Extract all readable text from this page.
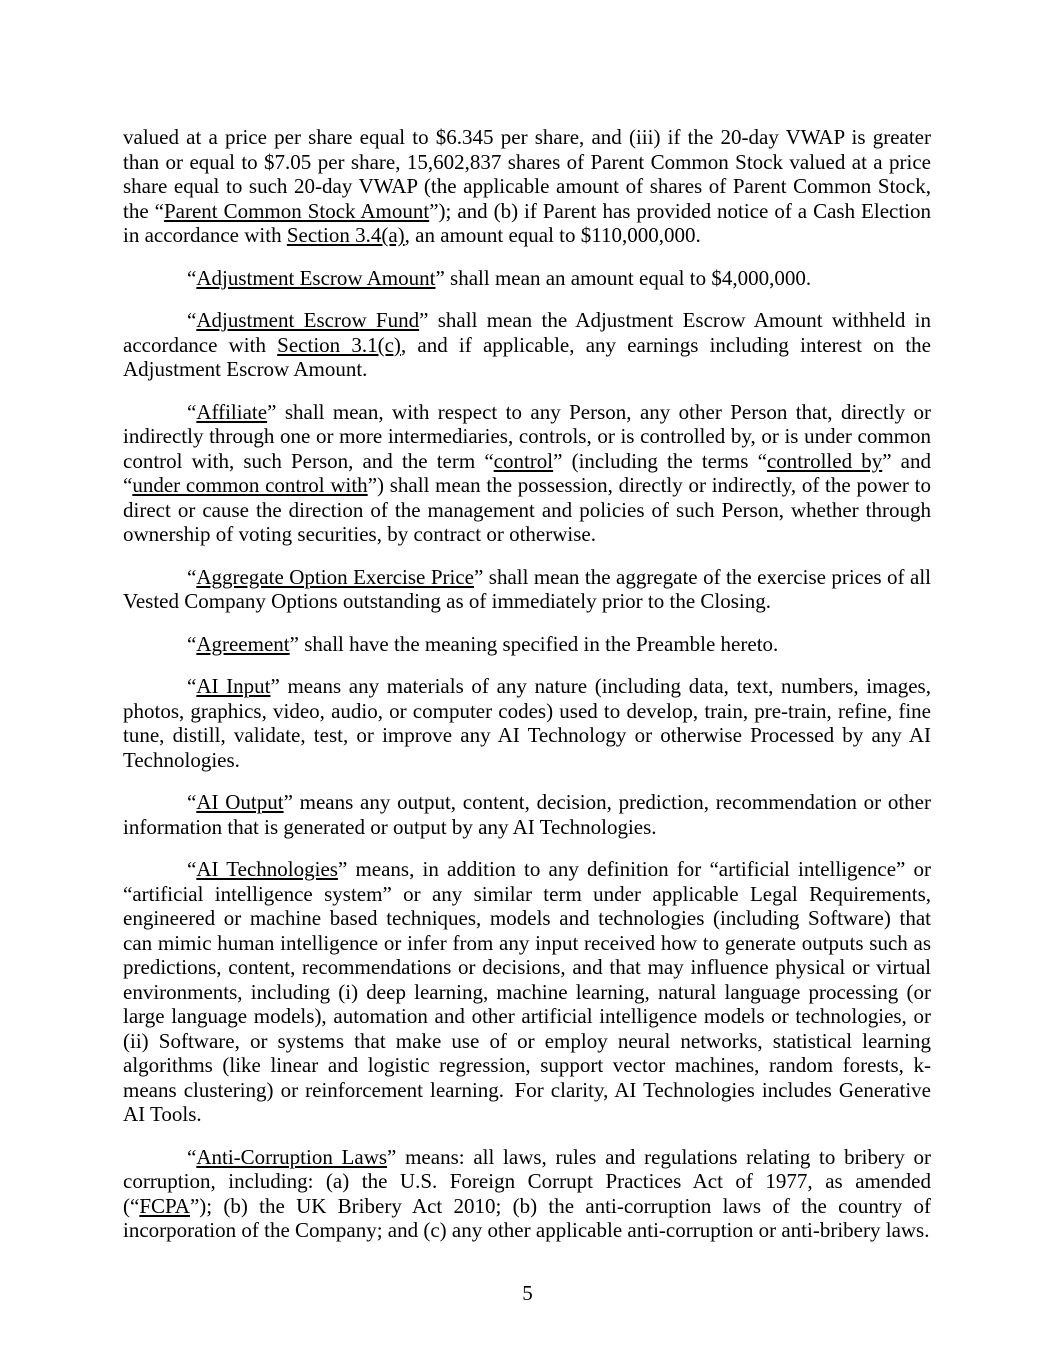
valued at a price per share equal to $6.345 per share, and (iii) if the 20-day VWAP is greater than or equal to $7.05 per share, 15,602,837 shares of Parent Common Stock valued at a price share equal to such 20-day VWAP (the applicable amount of shares of Parent Common Stock, the “Parent Common Stock Amount”); and (b) if Parent has provided notice of a Cash Election in accordance with Section 3.4(a), an amount equal to $110,000,000.

“Adjustment Escrow Amount” shall mean an amount equal to $4,000,000.

“Adjustment Escrow Fund” shall mean the Adjustment Escrow Amount withheld in accordance with Section 3.1(c), and if applicable, any earnings including interest on the Adjustment Escrow Amount.

“Affiliate” shall mean, with respect to any Person, any other Person that, directly or indirectly through one or more intermediaries, controls, or is controlled by, or is under common control with, such Person, and the term “control” (including the terms “controlled by” and “under common control with”) shall mean the possession, directly or indirectly, of the power to direct or cause the direction of the management and policies of such Person, whether through ownership of voting securities, by contract or otherwise.

“Aggregate Option Exercise Price” shall mean the aggregate of the exercise prices of all Vested Company Options outstanding as of immediately prior to the Closing.

“Agreement” shall have the meaning specified in the Preamble hereto.

“AI Input” means any materials of any nature (including data, text, numbers, images, photos, graphics, video, audio, or computer codes) used to develop, train, pre-train, refine, fine tune, distill, validate, test, or improve any AI Technology or otherwise Processed by any AI Technologies.

“AI Output” means any output, content, decision, prediction, recommendation or other information that is generated or output by any AI Technologies.

“AI Technologies” means, in addition to any definition for “artificial intelligence” or “artificial intelligence system” or any similar term under applicable Legal Requirements, engineered or machine based techniques, models and technologies (including Software) that can mimic human intelligence or infer from any input received how to generate outputs such as predictions, content, recommendations or decisions, and that may influence physical or virtual environments, including (i) deep learning, machine learning, natural language processing (or large language models), automation and other artificial intelligence models or technologies, or (ii) Software, or systems that make use of or employ neural networks, statistical learning algorithms (like linear and logistic regression, support vector machines, random forests, k-means clustering) or reinforcement learning. For clarity, AI Technologies includes Generative AI Tools.

“Anti-Corruption Laws” means: all laws, rules and regulations relating to bribery or corruption, including: (a) the U.S. Foreign Corrupt Practices Act of 1977, as amended (“FCPA”); (b) the UK Bribery Act 2010; (b) the anti-corruption laws of the country of incorporation of the Company; and (c) any other applicable anti-corruption or anti-bribery laws.

5
